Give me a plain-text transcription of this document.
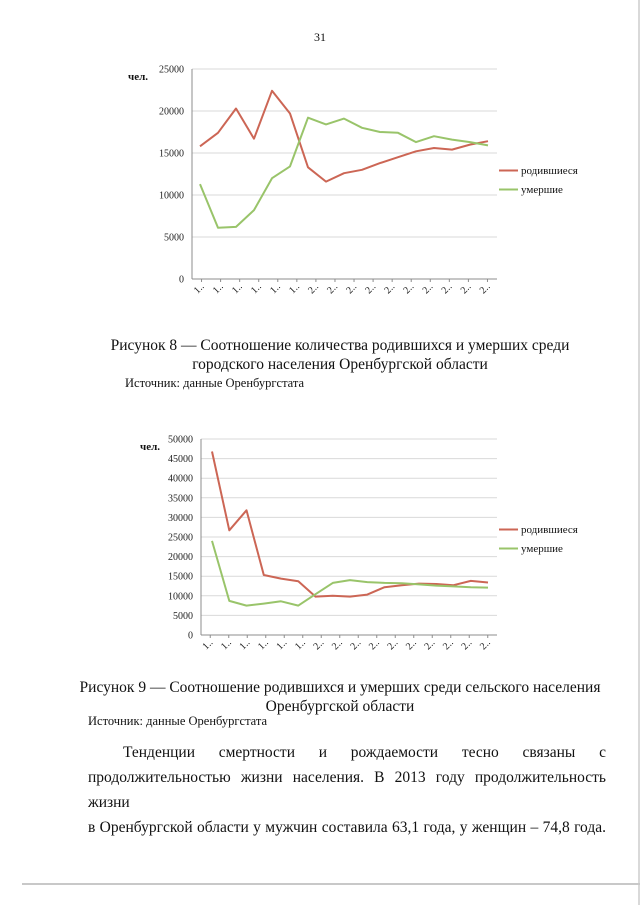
31
0
5000
10000
15000
20000
25000
чел.
1.. 1.. 1.. 1.. 1.. 1.. 2.. 2.. 2.. 2.. 2.. 2.. 2.. 2.. 2.. 2..
родившиеся
умершие
Рисунок 8 — Соотношение количества родившихся и умерших среди
городского населения Оренбургской области
Источник: данные Оренбургстата
0
5000
10000
15000
20000
25000
30000
35000
40000
45000
50000
чел.
1.. 1.. 1.. 1.. 1.. 1.. 2.. 2.. 2.. 2.. 2.. 2.. 2.. 2.. 2.. 2..
родившиеся
умершие
Рисунок 9 — Соотношение родившихся и умерших среди сельского населения
Оренбургской области
Источник: данные Оренбургстата
Тенденции смертности и рождаемости тесно связаны с
продолжительностью жизни населения. В 2013 году продолжительность жизни
в Оренбургской области у мужчин составила 63,1 года, у женщин – 74,8 года.
